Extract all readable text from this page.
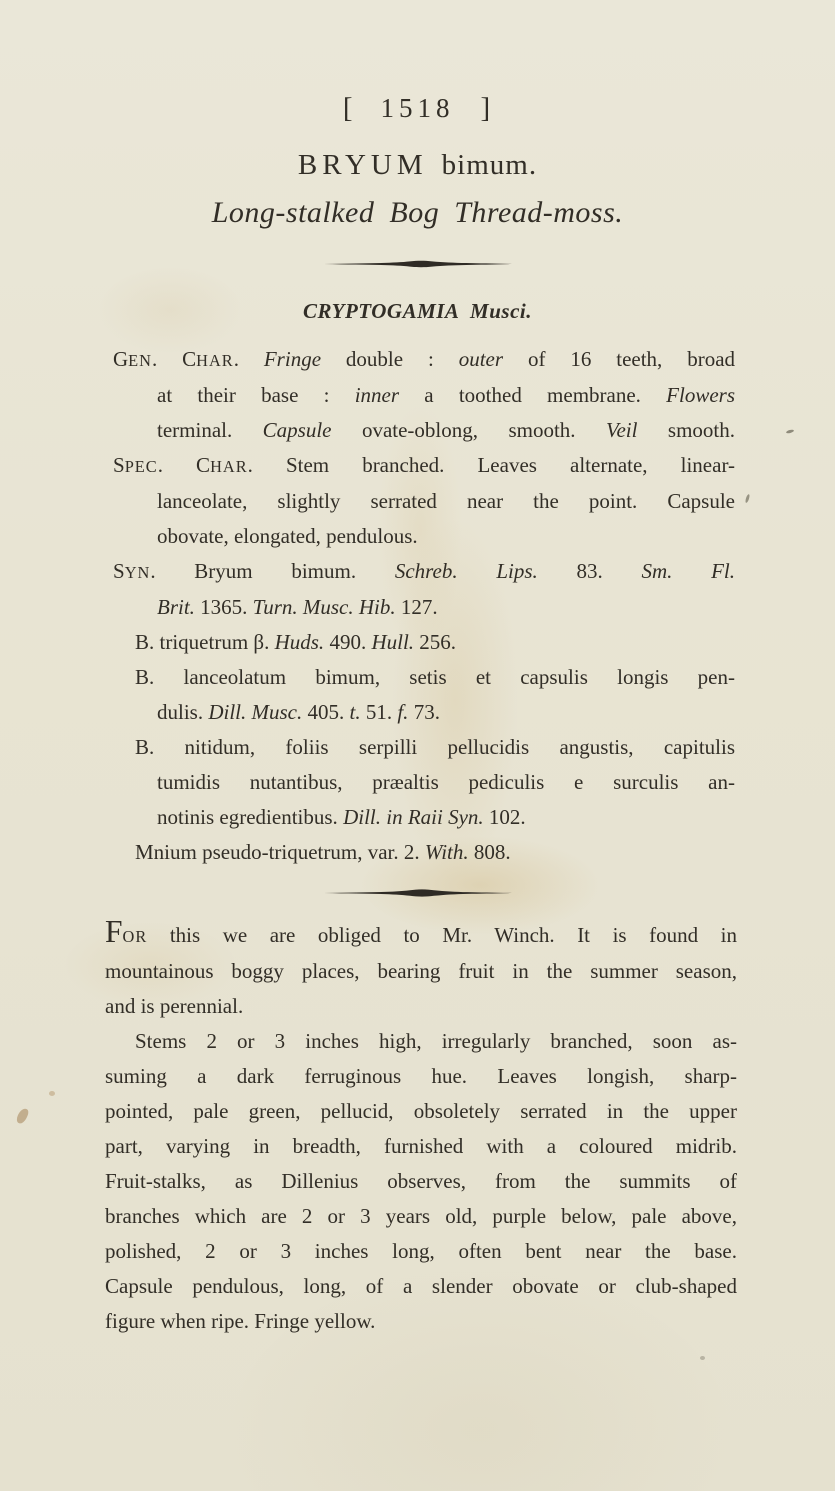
[ 1518 ]
BRYUM bimum.
Long-stalked Bog Thread-moss.
CRYPTOGAMIA Musci.
GEN. CHAR. Fringe double : outer of 16 teeth, broad
at their base : inner a toothed membrane. Flowers
terminal. Capsule ovate-oblong, smooth. Veil smooth.
SPEC. CHAR. Stem branched. Leaves alternate, linear-
lanceolate, slightly serrated near the point. Capsule
obovate, elongated, pendulous.
SYN. Bryum bimum. Schreb. Lips. 83. Sm. Fl.
Brit. 1365. Turn. Musc. Hib. 127.
B. triquetrum β. Huds. 490. Hull. 256.
B. lanceolatum bimum, setis et capsulis longis pen-
dulis. Dill. Musc. 405. t. 51. f. 73.
B. nitidum, foliis serpilli pellucidis angustis, capitulis
tumidis nutantibus, præaltis pediculis e surculis an-
notinis egredientibus. Dill. in Raii Syn. 102.
Mnium pseudo-triquetrum, var. 2. With. 808.
FOR this we are obliged to Mr. Winch. It is found in
mountainous boggy places, bearing fruit in the summer season,
and is perennial.
Stems 2 or 3 inches high, irregularly branched, soon as-
suming a dark ferruginous hue. Leaves longish, sharp-
pointed, pale green, pellucid, obsoletely serrated in the upper
part, varying in breadth, furnished with a coloured midrib.
Fruit-stalks, as Dillenius observes, from the summits of
branches which are 2 or 3 years old, purple below, pale above,
polished, 2 or 3 inches long, often bent near the base.
Capsule pendulous, long, of a slender obovate or club-shaped
figure when ripe. Fringe yellow.
